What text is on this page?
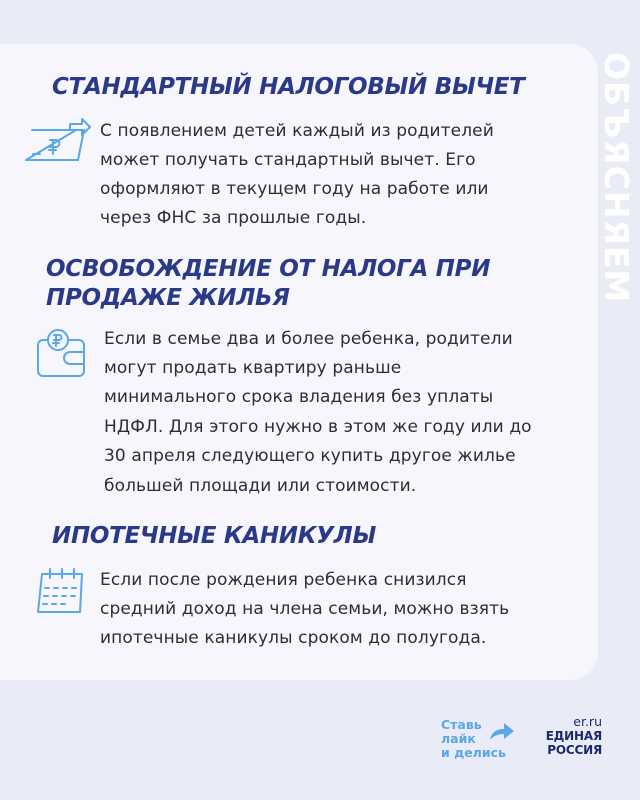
ОБЪЯСНЯЕМ
СТАНДАРТНЫЙ НАЛОГОВЫЙ ВЫЧЕТ

С появлением детей каждый из родителей

может получать стандартный вычет. Его

оформляют в текущем году на работе или

через ФНС за прошлые годы.

ОСВОБОЖДЕНИЕ ОТ НАЛОГА ПРИ
ПРОДАЖЕ ЖИЛЬЯ

Если в семье два и более ребенка, родители

могут продать квартиру раньше

минимального срока владения без уплаты

НДФЛ. Для этого нужно в этом же году или до

30 апреля следующего купить другое жилье

большей площади или стоимости.

ИПОТЕЧНЫЕ КАНИКУЛЫ

Если после рождения ребенка снизился

средний доход на члена семьи, можно взять

ипотечные каникулы сроком до полугода.

Ставь
лайк
и делись
er.ru
ЕДИНАЯ
РОССИЯ
